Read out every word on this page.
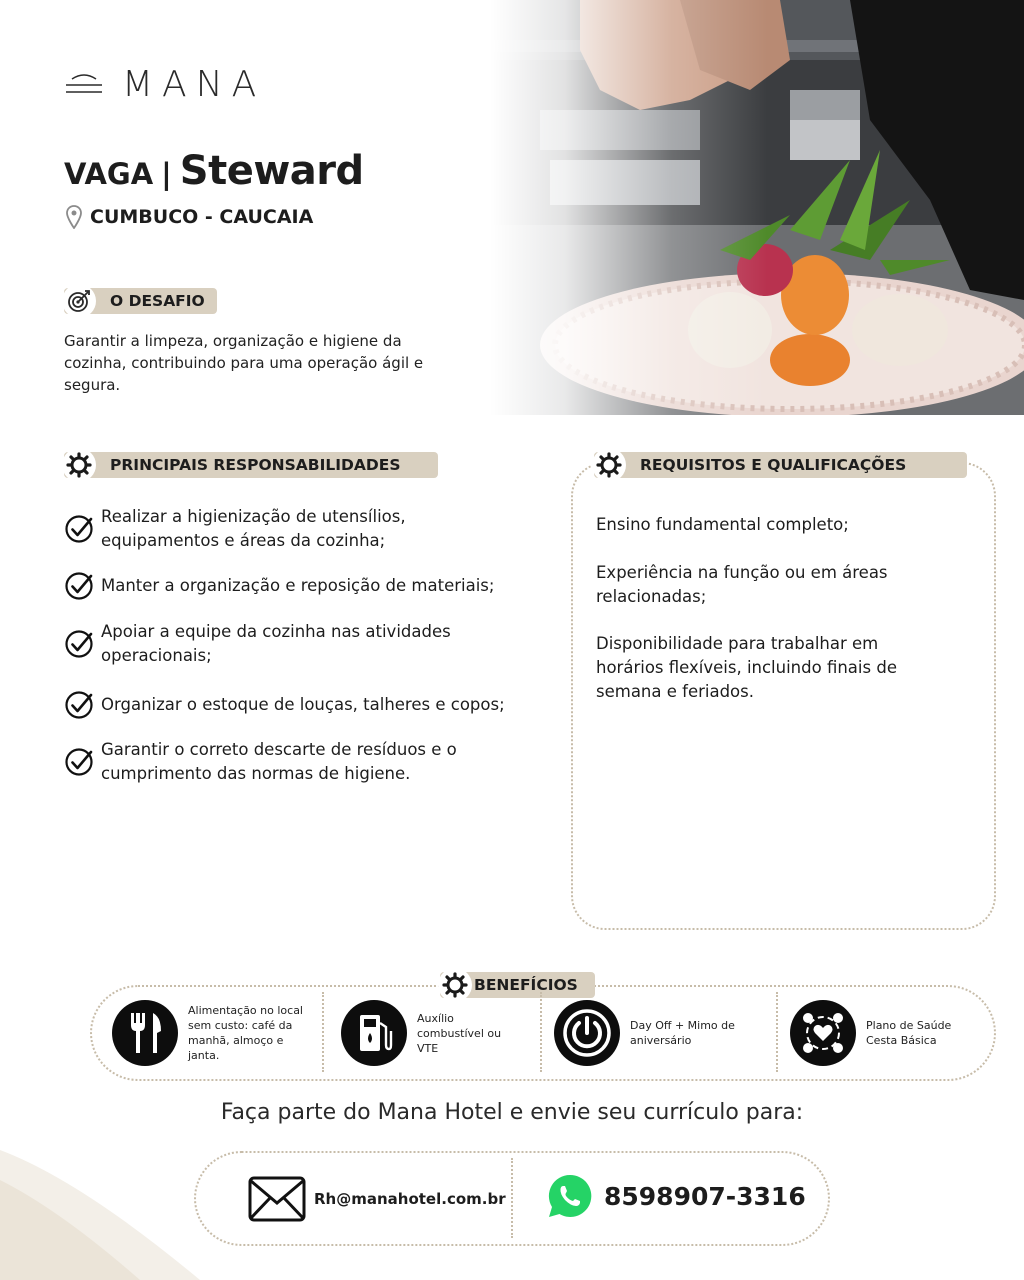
MANA
VAGA | Steward
CUMBUCO - CAUCAIA
O DESAFIO

Garantir a limpeza, organização e higiene da cozinha, contribuindo para uma operação ágil e segura.

PRINCIPAIS RESPONSABILIDADES
Realizar a higienização de utensílios, equipamentos e áreas da cozinha;
Manter a organização e reposição de materiais;
Apoiar a equipe da cozinha nas atividades operacionais;
Organizar o estoque de louças, talheres e copos;
Garantir o correto descarte de resíduos e o cumprimento das normas de higiene.
REQUISITOS E QUALIFICAÇÕES

Ensino fundamental completo;

Experiência na função ou em áreas relacionadas;

Disponibilidade para trabalhar em horários flexíveis, incluindo finais de semana e feriados.

BENEFÍCIOS
Alimentação no local sem custo: café da manhã, almoço e janta.
Auxílio combustível ou VTE
Day Off + Mimo de aniversário
Plano de Saúde Cesta Básica

Faça parte do Mana Hotel e envie seu currículo para:

Rh@manahotel.com.br	8598907-3316
